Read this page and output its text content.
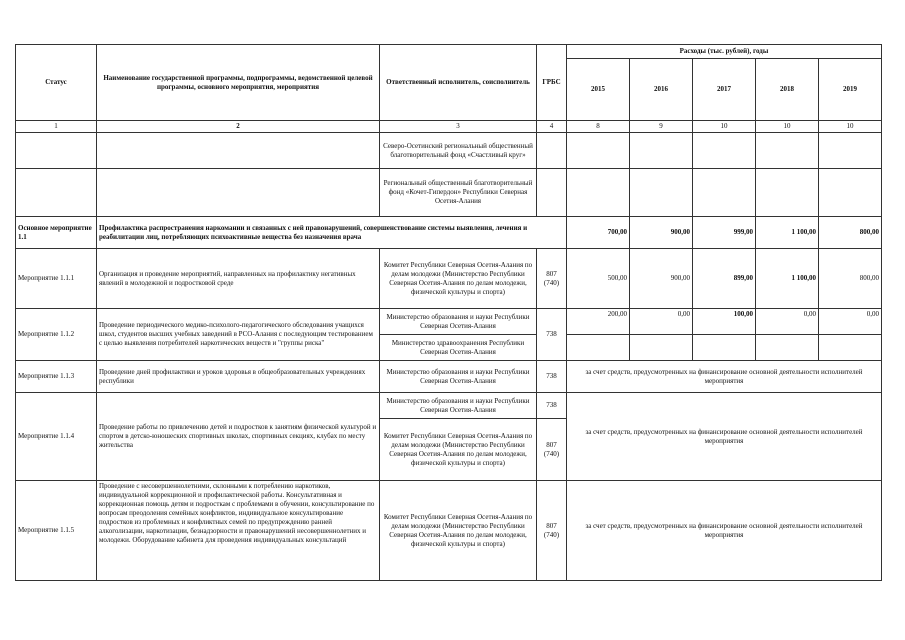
Статус	Наименование государственной программы, подпрограммы, ведомственной целевой программы, основного мероприятия, мероприятия	Ответственный исполнитель, соисполнитель	ГРБС	Расходы (тыс. рублей), годы				
				2015	2016	2017	2018	2019
1	2	3	4	8	9	10	10	10
		Северо-Осетинский региональный общественный благотворительный фонд «Счастливый круг»						
		Региональный общественный благотворительный фонд «Кочет-Гипердон» Республики Северная Осетия-Алания						
Основное мероприятие 1.1	Профилактика распространения наркомании и связанных с ней правонарушений, совершенствование системы выявления, лечения и реабилитации лиц, потребляющих психоактивные вещества без назначения врача			700,00	900,00	999,00	1 100,00	800,00
Мероприятие 1.1.1	Организация и проведение мероприятий, направленных на профилактику негативных явлений в молодежной и подростковой среде	Комитет Республики Северная Осетия-Алания по делам молодежи (Министерство Республики Северная Осетия-Алания по делам молодежи, физической культуры и спорта)	807 (740)	500,00	900,00	899,00	1 100,00	800,00
Мероприятие 1.1.2	Проведение периодического медико-психолого-педагогического обследования учащихся школ, студентов высших учебных заведений в РСО-Алания с последующим тестированием с целью выявления потребителей наркотических веществ и "группы риска"	Министерство образования и науки Республики Северная Осетия-Алания	738	200,00	0,00	100,00	0,00	0,00
		Министерство здравоохранения Республики Северная Осетия-Алания						
Мероприятие 1.1.3	Проведение дней профилактики и уроков здоровья в общеобразовательных учреждениях республики	Министерство образования и науки Республики Северная Осетия-Алания	738	за счет средств, предусмотренных на финансирование основной деятельности исполнителей мероприятия				
Мероприятие 1.1.4	Проведение работы по привлечению детей и подростков к занятиям физической культурой и спортом в детско-юношеских спортивных школах, спортивных секциях, клубах по месту жительства	Министерство образования и науки Республики Северная Осетия-Алания	738	за счет средств, предусмотренных на финансирование основной деятельности исполнителей мероприятия				
		Комитет Республики Северная Осетия-Алания по делам молодежи (Министерство Республики Северная Осетия-Алания по делам молодежи, физической культуры и спорта)	807 (740)					
Мероприятие 1.1.5	Проведение с несовершеннолетними, склонными к потреблению наркотиков, индивидуальной коррекционной и профилактической работы. Консультативная и коррекционная помощь детям и подросткам с проблемами в обучении, консультирование по вопросам преодоления семейных конфликтов, индивидуальное консультирование подростков из проблемных и конфликтных семей по предупреждению ранней алкоголизации, наркотизации, безнадзорности и правонарушений несовершеннолетних и молодежи. Оборудование кабинета для проведения индивидуальных консультаций	Комитет Республики Северная Осетия-Алания по делам молодежи (Министерство Республики Северная Осетия-Алания по делам молодежи, физической культуры и спорта)	807 (740)	за счет средств, предусмотренных на финансирование основной деятельности исполнителей мероприятия				
